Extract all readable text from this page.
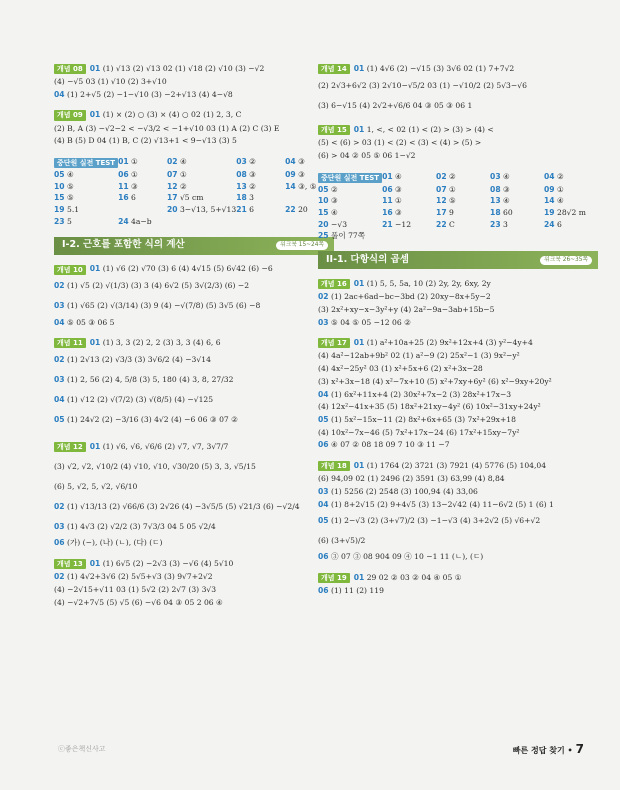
개념 08 01 (1) √13 (2) √13 02 (1) √18 (2) √10 (3) −√2
(4) −√5 03 (1) √10 (2) 3+√10
04 (1) 2+√5 (2) −1−√10 (3) −2+√13 (4) 4−√8
개념 09 01 (1) × (2) ○ (3) × (4) ○ 02 (1) 2, 3, C
(2) B, A (3) −√2−2 < −√3/2 < −1+√10 03 (1) A (2) C (3) E
(4) B (5) D 04 (1) B, C (2) √13+1 < 9−√13 (3) 5
중단원 실전 TEST 01 ①	02 ④	03 ②	04 ③
05 ④	06 ①	07 ①	08 ③	09 ③
10 ⑤	11 ③	12 ②	13 ②	14 ③, ⑤
15 ⑤	16 6	17 √5 cm	18 3
19 5.1	20 3−√13, 5+√13 21 6	22 20
23 5	24 4a−b
I-2. 근호를 포함한 식의 계산	워크북 15~24쪽
개념 10 01 (1) √6 (2) √70 (3) 6 (4) 4√15 (5) 6√42 (6) −6
02 (1) √5 (2) √(1/3) (3) 3 (4) 6√2 (5) 3√(2/3) (6) −2
03 (1) √65 (2) √(3/14) (3) 9 (4) −√(7/8) (5) 3√5 (6) −8
04 ⑤ 05 ③ 06 5
개념 11 01 (1) 3, 3 (2) 2, 2 (3) 3, 3 (4) 6, 6
02 (1) 2√13 (2) √3/3 (3) 3√6/2 (4) −3√14
03 (1) 2, 56 (2) 4, 5/8 (3) 5, 180 (4) 3, 8, 27/32
04 (1) √12 (2) √(7/2) (3) √(8/5) (4) −√125
05 (1) 24√2 (2) −3/16 (3) 4√2 (4) −6 06 ③ 07 ②
개념 12 01 (1) √6, √6, √6/6 (2) √7, √7, 3√7/7
(3) √2, √2, √10/2 (4) √10, √10, √30/20 (5) 3, 3, √5/15
(6) 5, √2, 5, √2, √6/10
02 (1) √13/13 (2) √66/6 (3) 2√26 (4) −3√5/5 (5) √21/3 (6) −√2/4
03 (1) 4√3 (2) √2/2 (3) 7√3/3 04 5 05 √2/4
06 (가) (−), (나) (ㄴ), (다) (ㄷ)
개념 13 01 (1) 6√5 (2) −2√3 (3) −√6 (4) 5√10
02 (1) 4√2+3√6 (2) 5√5+√3 (3) 9√7+2√2
(4) −2√15+√11 03 (1) 5√2 (2) 2√7 (3) 3√3
(4) −√2+7√5 (5) √5 (6) −√6 04 ③ 05 2 06 ④
개념 14 01 (1) 4√6 (2) −√15 (3) 3√6 02 (1) 7+7√2
(2) 2√3+6√2 (3) 2√10−√5/2 03 (1) −√10/2 (2) 5√3−√6
(3) 6−√15 (4) 2√2+√6/6 04 ③ 05 ③ 06 1
개념 15 01 1, <, < 02 (1) < (2) > (3) > (4) <
(5) < (6) > 03 (1) < (2) < (3) < (4) > (5) >
(6) > 04 ② 05 ⑤ 06 1−√2
중단원 실전 TEST 01 ④	02 ②	03 ④	04 ②
05 ②	06 ③	07 ①	08 ③	09 ①
10 ③	11 ①	12 ⑤	13 ④	14 ④
15 ④	16 ③	17 9	18 60	19 28√2 m
20 −√3	21 −12	22 C	23 3	24 6
25 풀이 77쪽
II-1. 다항식의 곱셈	워크북 26~35쪽
개념 16 01 (1) 5, 5, 5a, 10 (2) 2y, 2y, 6xy, 2y
02 (1) 2ac+6ad−bc−3bd (2) 20xy−8x+5y−2
(3) 2x²+xy−x−3y²+y (4) 2a²−9a−3ab+15b−5
03 ⑤ 04 ⑤ 05 −12 06 ②
개념 17 01 (1) a²+10a+25 (2) 9x²+12x+4 (3) y²−4y+4
(4) 4a²−12ab+9b² 02 (1) a²−9 (2) 25x²−1 (3) 9x²−y²
(4) 4x²−25y² 03 (1) x²+5x+6 (2) x²+3x−28
(3) x²+3x−18 (4) x²−7x+10 (5) x²+7xy+6y² (6) x²−9xy+20y²
04 (1) 6x²+11x+4 (2) 30x²+7x−2 (3) 28x²+17x−3
(4) 12x²−41x+35 (5) 18x²+21xy−4y² (6) 10x²−31xy+24y²
05 (1) 5x²−15x−11 (2) 8x²+6x+65 (3) 7x²+29x+18
(4) 10x²−7x−46 (5) 7x²+17x−24 (6) 17x²+15xy−7y²
06 ④ 07 ② 08 18 09 7 10 ③ 11 −7
개념 18 01 (1) 1764 (2) 3721 (3) 7921 (4) 5776 (5) 104,04
(6) 94,09 02 (1) 2496 (2) 3591 (3) 63,99 (4) 8,84
03 (1) 5256 (2) 2548 (3) 100,94 (4) 33,06
04 (1) 8+2√15 (2) 9+4√5 (3) 13−2√42 (4) 11−6√2 (5) 1 (6) 1
05 (1) 2−√3 (2) (3+√7)/2 (3) −1−√3 (4) 3+2√2 (5) √6+√2
(6) (3+√5)/2
06 ③ 07 ③ 08 904 09 ④ 10 −1 11 (ㄴ), (ㄷ)
개념 19 01 29 02 ② 03 ② 04 ④ 05 ①
06 (1) 11 (2) 119
ⓒ좋은책신사고	빠른 정답 찾기 • 7
